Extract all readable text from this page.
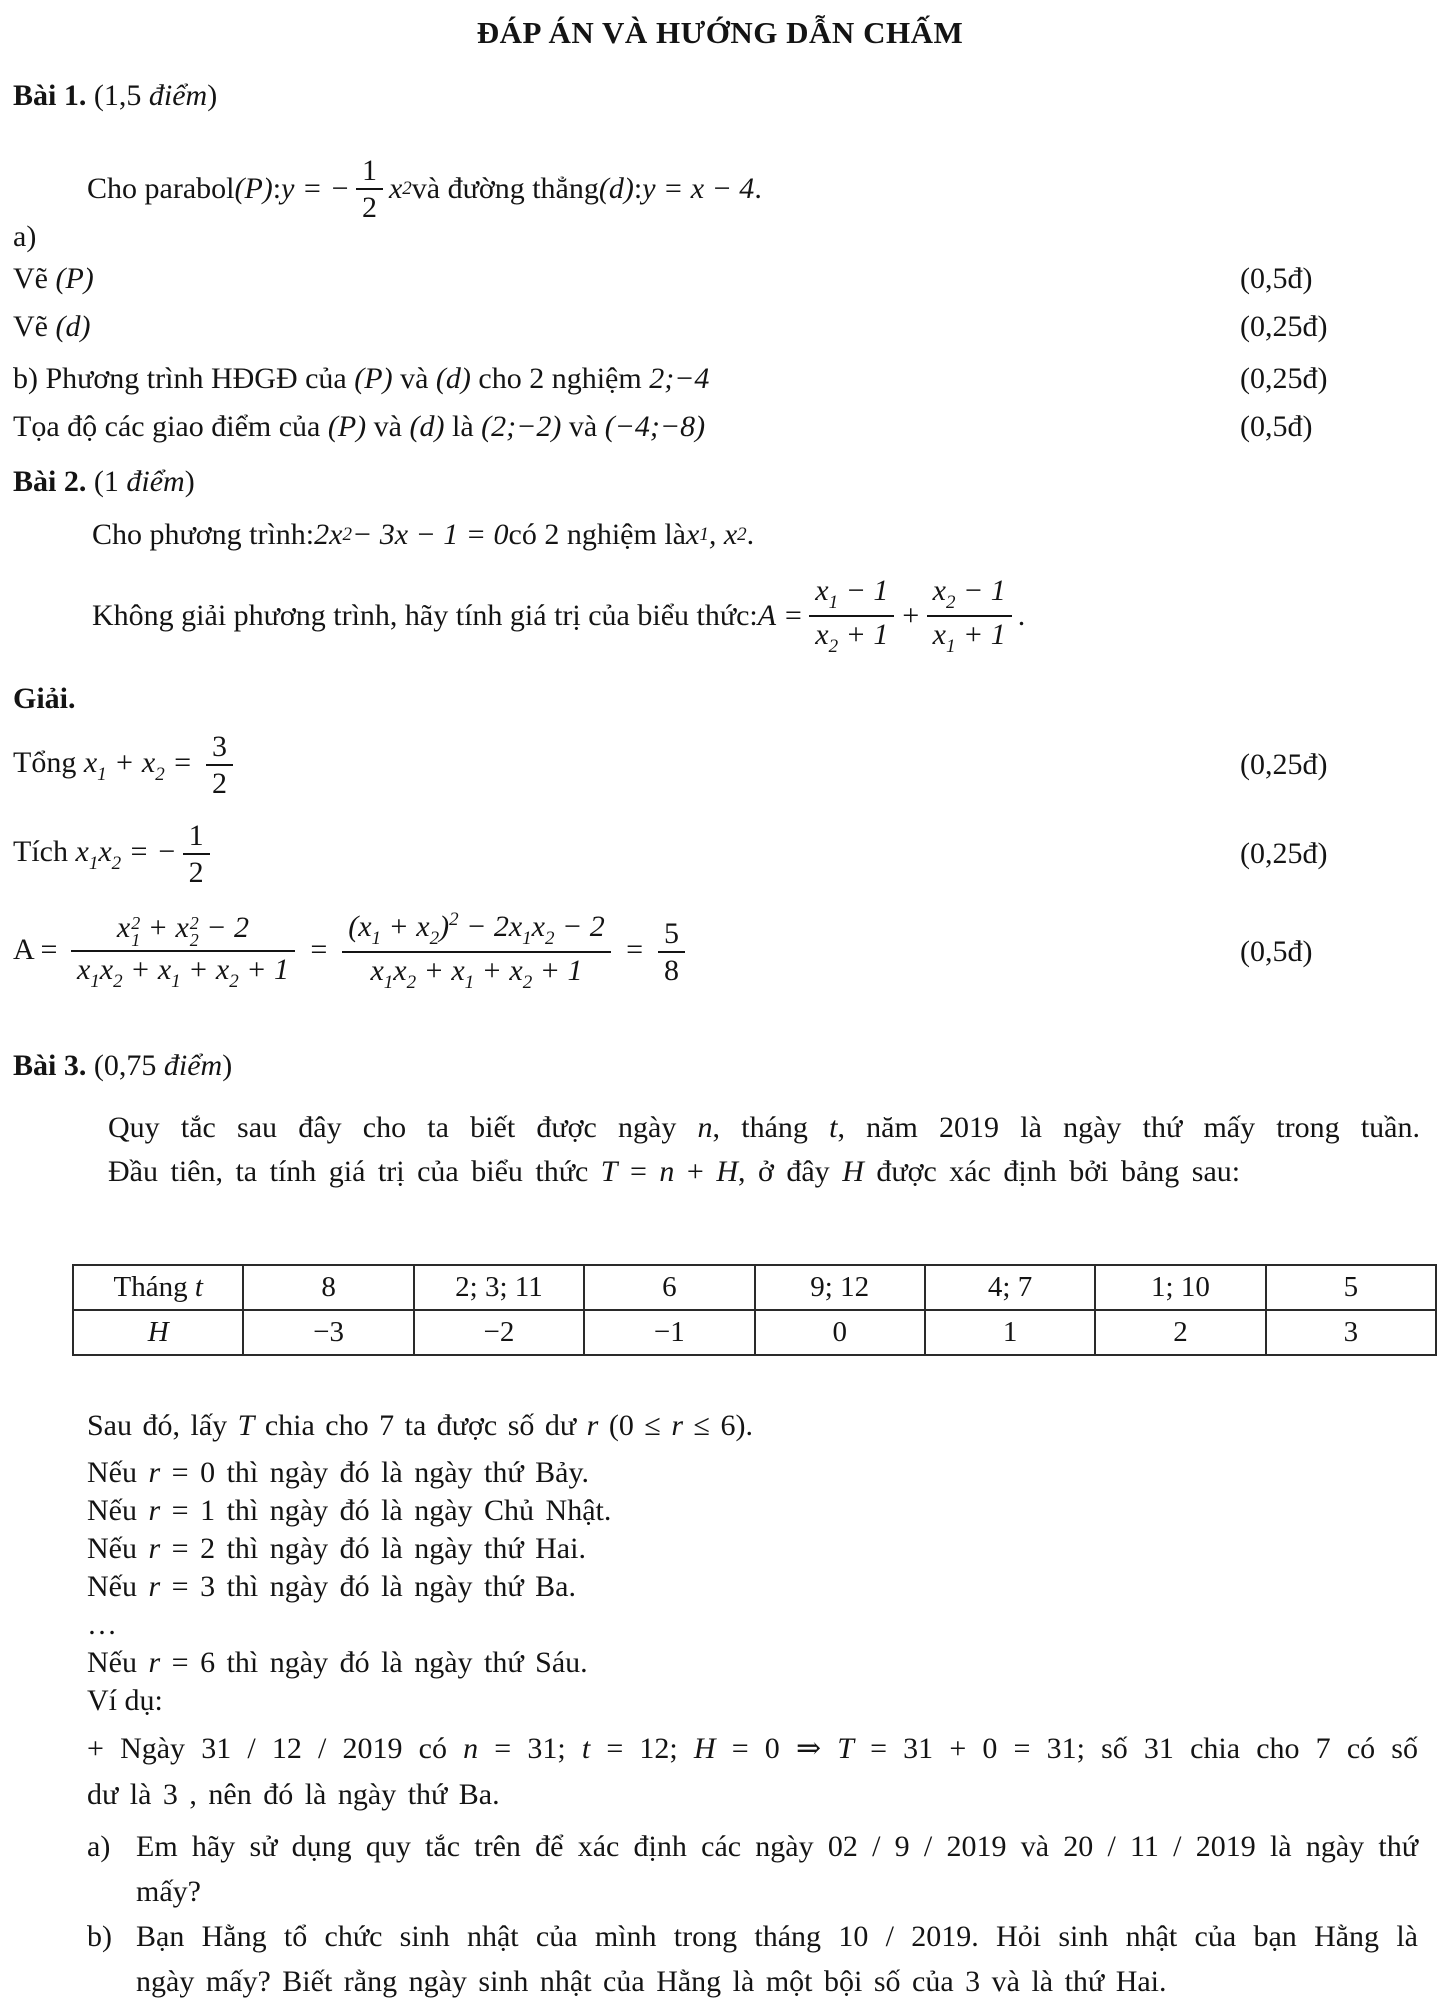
ĐÁP ÁN VÀ HƯỚNG DẪN CHẤM
Bài 1. (1,5 điểm)
Cho parabol (P) : y = − $\frac{1}{2}$ x 2 và đường thẳng (d) : y = x − 4 .
a)
Vẽ (P)	(0,5đ)
Vẽ (d)	(0,25đ)
b) Phương trình HĐGĐ của (P) và (d) cho 2 nghiệm 2;−4	(0,25đ)
Tọa độ các giao điểm của (P) và (d) là (2;−2) và (−4;−8)	(0,5đ)
Bài 2. (1 điểm)
Cho phương trình: 2x 2 − 3x − 1 = 0 có 2 nghiệm là x 1 , x 2 .
Không giải phương trình, hãy tính giá trị của biểu thức: $A = \frac{x_1 - 1}{x_2 + 1} + \frac{x_2 - 1}{x_1 + 1}$ .
Giải.
Tổng $x_1 + x_2 = \frac{3}{2}$	(0,25đ)
Tích $x_1x_2$ = − $\frac{1}{2}$	(0,25đ)
A = x 2
1 + x 2
2 − 2
$x_1x_2 + x_1 + x_2 + 1 = \frac{(x_1 + x_2)^2 - 2x_1x_2 - 2}{x_1x_2 + x_1 + x_2 + 1} = \frac{5}{8}$	(0,5đ)
Bài 3. (0,75 điểm)
Quy tắc sau đây cho ta biết được ngày n, tháng t, năm 2019 là ngày thứ mấy trong tuần.
Đầu tiên, ta tính giá trị của biểu thức T = n + H, ở đây H được xác định bởi bảng sau:
Tháng t	8	2; 3; 11	6	9; 12	4; 7	1; 10	5
H	−3	−2	−1	0	1	2	3
Sau đó, lấy T chia cho 7 ta được số dư r (0 ≤ r ≤ 6).
Nếu r = 0 thì ngày đó là ngày thứ Bảy.
Nếu r = 1 thì ngày đó là ngày Chủ Nhật.
Nếu r = 2 thì ngày đó là ngày thứ Hai.
Nếu r = 3 thì ngày đó là ngày thứ Ba.
…
Nếu r = 6 thì ngày đó là ngày thứ Sáu.
Ví dụ:
+ Ngày 31 / 12 / 2019 có n = 31; t = 12; H = 0 ⇒ T = 31 + 0 = 31; số 31 chia cho 7 có số
dư là 3 , nên đó là ngày thứ Ba.
a) Em hãy sử dụng quy tắc trên để xác định các ngày 02 / 9 / 2019 và 20 / 11 / 2019 là ngày thứ
mấy?
b) Bạn Hằng tổ chức sinh nhật của mình trong tháng 10 / 2019. Hỏi sinh nhật của bạn Hằng là
ngày mấy? Biết rằng ngày sinh nhật của Hằng là một bội số của 3 và là thứ Hai.
